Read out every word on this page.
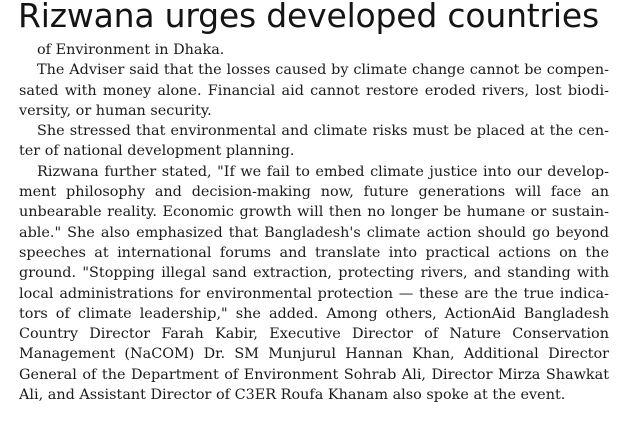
Rizwana urges developed countries
of Environment in Dhaka.
The Adviser said that the losses caused by climate change cannot be compen-
sated with money alone. Financial aid cannot restore eroded rivers, lost biodi-
versity, or human security.
She stressed that environmental and climate risks must be placed at the cen-
ter of national development planning.
Rizwana further stated, "If we fail to embed climate justice into our develop-
ment philosophy and decision-making now, future generations will face an
unbearable reality. Economic growth will then no longer be humane or sustain-
able." She also emphasized that Bangladesh's climate action should go beyond
speeches at international forums and translate into practical actions on the
ground. "Stopping illegal sand extraction, protecting rivers, and standing with
local administrations for environmental protection — these are the true indica-
tors of climate leadership," she added. Among others, ActionAid Bangladesh
Country Director Farah Kabir, Executive Director of Nature Conservation
Management (NaCOM) Dr. SM Munjurul Hannan Khan, Additional Director
General of the Department of Environment Sohrab Ali, Director Mirza Shawkat
Ali, and Assistant Director of C3ER Roufa Khanam also spoke at the event.
